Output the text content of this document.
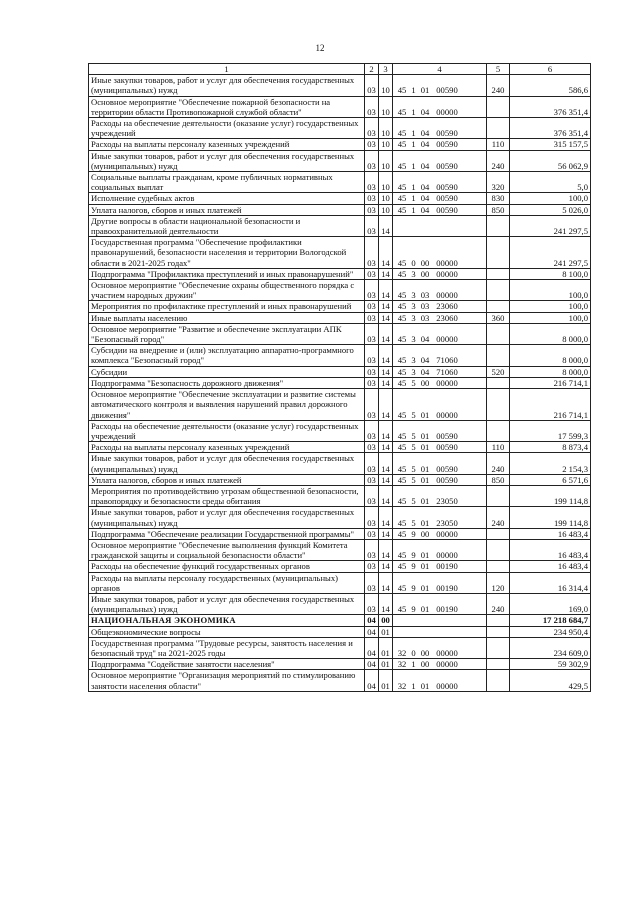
12
1	2	3	4	5	6
Иные закупки товаров, работ и услуг для обеспечения государственных (муниципальных) нужд	03	10	45 1 01 00590	240	586,6
Основное мероприятие "Обеспечение пожарной безопасности на территории области Противопожарной службой области"	03	10	45 1 04 00000		376 351,4
Расходы на обеспечение деятельности (оказание услуг) государственных учреждений	03	10	45 1 04 00590		376 351,4
Расходы на выплаты персоналу казенных учреждений	03	10	45 1 04 00590	110	315 157,5
Иные закупки товаров, работ и услуг для обеспечения государственных (муниципальных) нужд	03	10	45 1 04 00590	240	56 062,9
Социальные выплаты гражданам, кроме публичных нормативных социальных выплат	03	10	45 1 04 00590	320	5,0
Исполнение судебных актов	03	10	45 1 04 00590	830	100,0
Уплата налогов, сборов и иных платежей	03	10	45 1 04 00590	850	5 026,0
Другие вопросы в области национальной безопасности и правоохранительной деятельности	03	14			241 297,5
Государственная программа "Обеспечение профилактики правонарушений, безопасности населения и территории Вологодской области в 2021-2025 годах"	03	14	45 0 00 00000		241 297,5
Подпрограмма "Профилактика преступлений и иных правонарушений"	03	14	45 3 00 00000		8 100,0
Основное мероприятие "Обеспечение охраны общественного порядка с участием народных дружин"	03	14	45 3 03 00000		100,0
Мероприятия по профилактике преступлений и иных правонарушений	03	14	45 3 03 23060		100,0
Иные выплаты населению	03	14	45 3 03 23060	360	100,0
Основное мероприятие "Развитие и обеспечение эксплуатации АПК "Безопасный город"	03	14	45 3 04 00000		8 000,0
Субсидии на внедрение и (или) эксплуатацию аппаратно-программного комплекса "Безопасный город"	03	14	45 3 04 71060		8 000,0
Субсидии	03	14	45 3 04 71060	520	8 000,0
Подпрограмма "Безопасность дорожного движения"	03	14	45 5 00 00000		216 714,1
Основное мероприятие "Обеспечение эксплуатации и развитие системы автоматического контроля и выявления нарушений правил дорожного движения"	03	14	45 5 01 00000		216 714,1
Расходы на обеспечение деятельности (оказание услуг) государственных учреждений	03	14	45 5 01 00590		17 599,3
Расходы на выплаты персоналу казенных учреждений	03	14	45 5 01 00590	110	8 873,4
Иные закупки товаров, работ и услуг для обеспечения государственных (муниципальных) нужд	03	14	45 5 01 00590	240	2 154,3
Уплата налогов, сборов и иных платежей	03	14	45 5 01 00590	850	6 571,6
Мероприятия по противодействию угрозам общественной безопасности, правопорядку и безопасности среды обитания	03	14	45 5 01 23050		199 114,8
Иные закупки товаров, работ и услуг для обеспечения государственных (муниципальных) нужд	03	14	45 5 01 23050	240	199 114,8
Подпрограмма "Обеспечение реализации Государственной программы"	03	14	45 9 00 00000		16 483,4
Основное мероприятие "Обеспечение выполнения функций Комитета гражданской защиты и социальной безопасности области"	03	14	45 9 01 00000		16 483,4
Расходы на обеспечение функций государственных органов	03	14	45 9 01 00190		16 483,4
Расходы на выплаты персоналу государственных (муниципальных) органов	03	14	45 9 01 00190	120	16 314,4
Иные закупки товаров, работ и услуг для обеспечения государственных (муниципальных) нужд	03	14	45 9 01 00190	240	169,0
НАЦИОНАЛЬНАЯ ЭКОНОМИКА	04	00			17 218 684,7
Общеэкономические вопросы	04	01			234 950,4
Государственная программа "Трудовые ресурсы, занятость населения и безопасный труд" на 2021-2025 годы	04	01	32 0 00 00000		234 609,0
Подпрограмма "Содействие занятости населения"	04	01	32 1 00 00000		59 302,9
Основное мероприятие "Организация мероприятий по стимулированию занятости населения области"	04	01	32 1 01 00000		429,5
